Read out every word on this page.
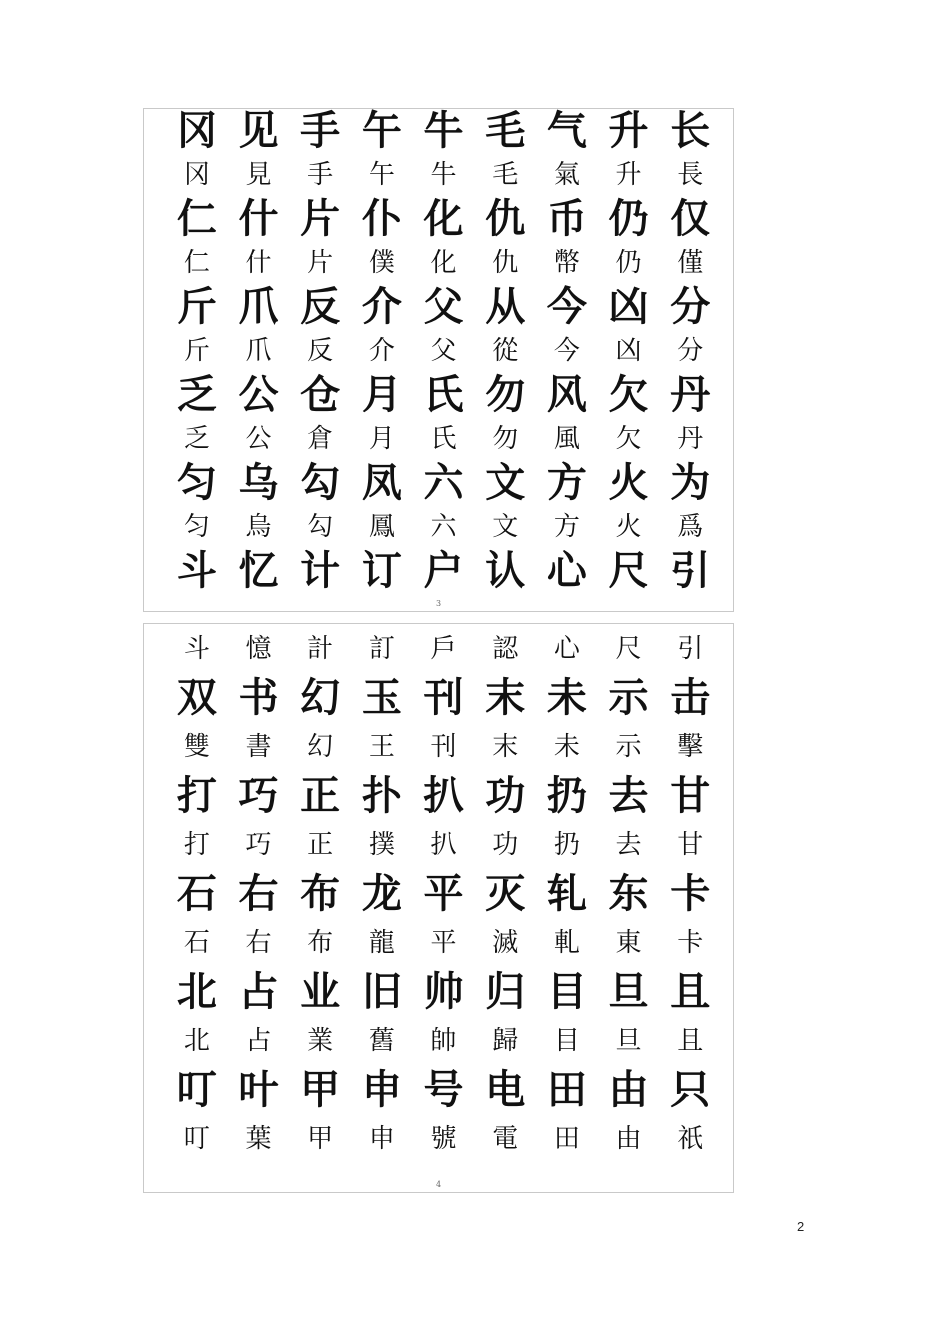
冈 见 手 午 牛 毛 气 升 长
冈	見	手	午	牛	毛	氣	升	長
仁 什 片 仆 化 仇 币 仍 仅
仁	什	片	僕	化	仇	幣	仍	僅
斤 爪 反 介 父 从 今 凶 分
斤	爪	反	介	父	從	今	凶	分
乏 公 仓 月 氏 勿 风 欠 丹
乏	公	倉	月	氏	勿	風	欠	丹
匀 乌 勾 凤 六 文 方 火 为
匀	烏	勾	鳳	六	文	方	火	爲
斗 忆 计 订 户 认 心 尺 引
3
斗	憶	計	訂	戶	認	心	尺	引
双 书 幻 玉 刊 末 未 示 击
雙	書	幻	王	刊	末	未	示	擊
打 巧 正 扑 扒 功 扔 去 甘
打	巧	正	撲	扒	功	扔	去	甘
石 右 布 龙 平 灭 轧 东 卡
石	右	布	龍	平	滅	軋	東	卡
北 占 业 旧 帅 归 目 旦 且
北	占	業	舊	帥	歸	目	旦	且
叮 叶 甲 申 号 电 田 由 只
叮	葉	甲	申	號	電	田	由	祇
4
2
